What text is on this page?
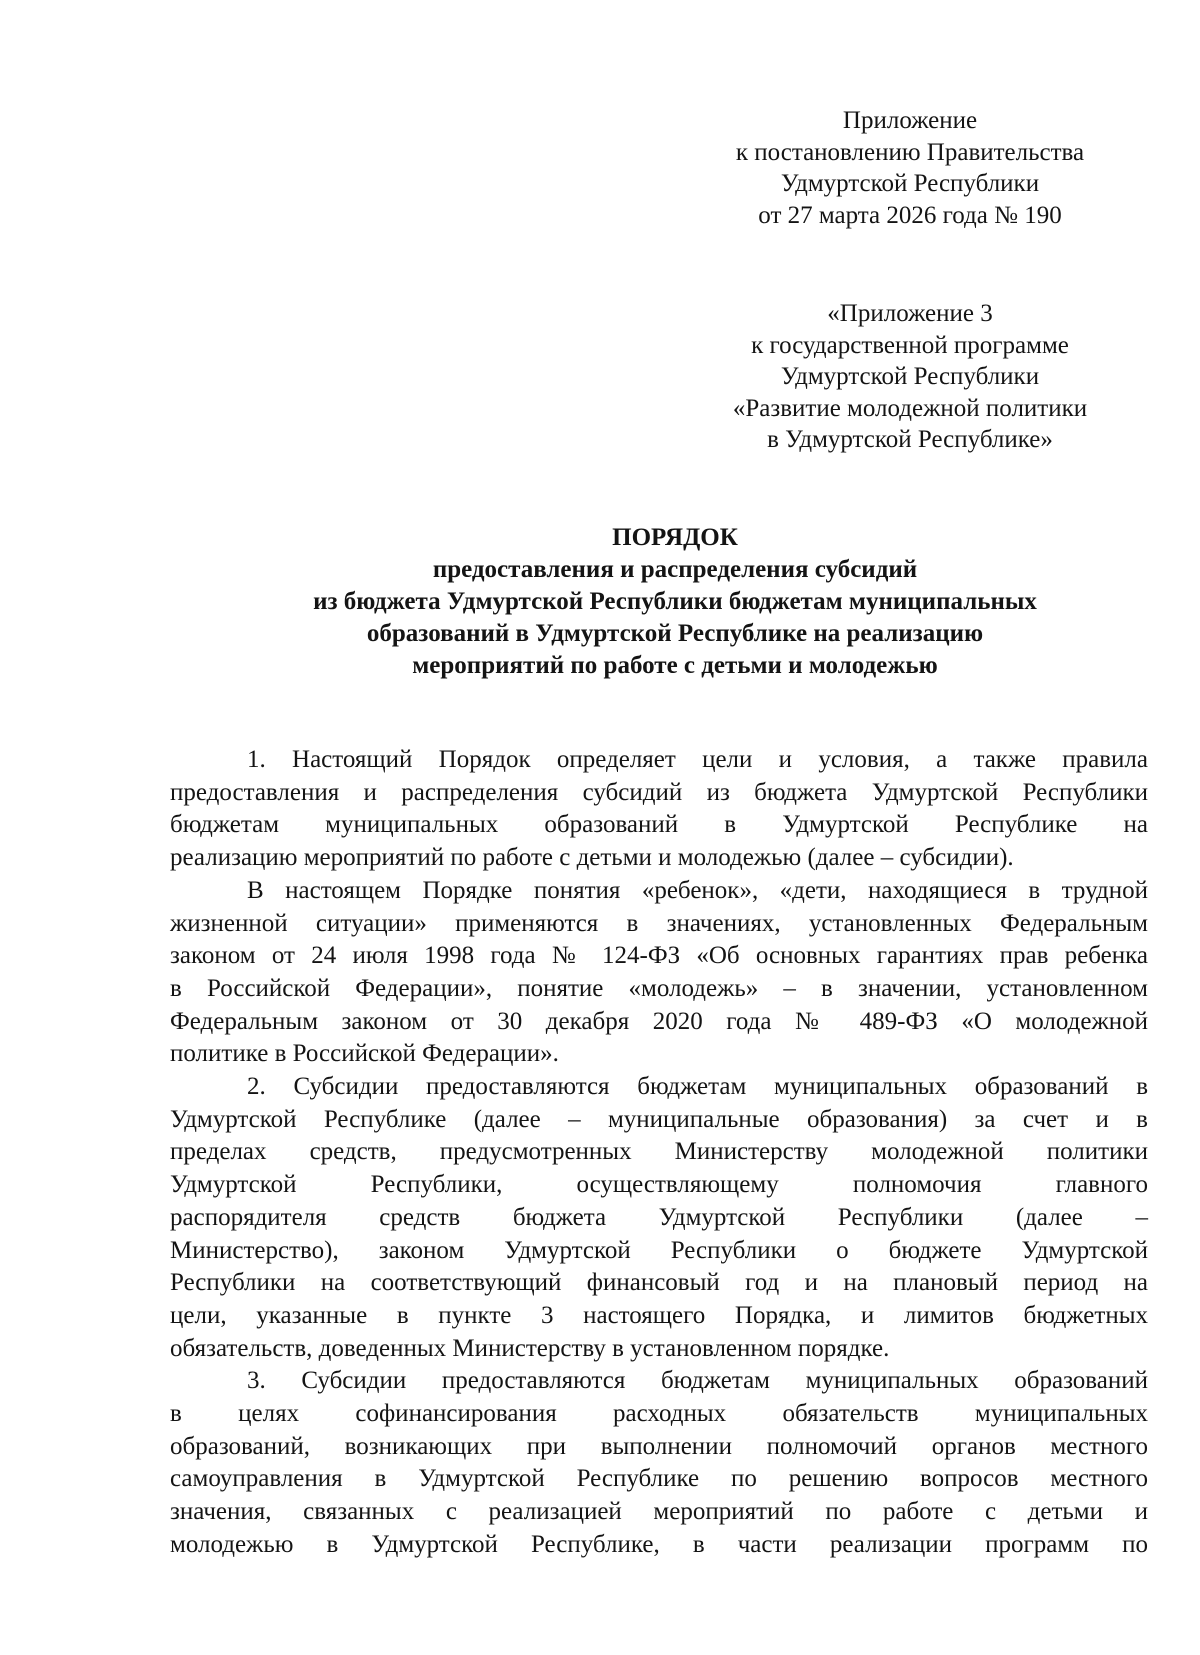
Приложение
к постановлению Правительства
Удмуртской Республики
от 27 марта 2026 года № 190
«Приложение 3
к государственной программе
Удмуртской Республики
«Развитие молодежной политики
в Удмуртской Республике»
ПОРЯДОК
предоставления и распределения субсидий
из бюджета Удмуртской Республики бюджетам муниципальных
образований в Удмуртской Республике на реализацию
мероприятий по работе с детьми и молодежью

1. Настоящий Порядок определяет цели и условия, а также правила
предоставления и распределения субсидий из бюджета Удмуртской Республики
бюджетам муниципальных образований в Удмуртской Республике на
реализацию мероприятий по работе с детьми и молодежью (далее – субсидии).

В настоящем Порядке понятия «ребенок», «дети, находящиеся в трудной
жизненной ситуации» применяются в значениях, установленных Федеральным
законом от 24 июля 1998 года № 124-ФЗ «Об основных гарантиях прав ребенка
в Российской Федерации», понятие «молодежь» – в значении, установленном
Федеральным законом от 30 декабря 2020 года № 489-ФЗ «О молодежной
политике в Российской Федерации».

2. Субсидии предоставляются бюджетам муниципальных образований в
Удмуртской Республике (далее – муниципальные образования) за счет и в
пределах средств, предусмотренных Министерству молодежной политики
Удмуртской Республики, осуществляющему полномочия главного
распорядителя средств бюджета Удмуртской Республики (далее –
Министерство), законом Удмуртской Республики о бюджете Удмуртской
Республики на соответствующий финансовый год и на плановый период на
цели, указанные в пункте 3 настоящего Порядка, и лимитов бюджетных
обязательств, доведенных Министерству в установленном порядке.

3. Субсидии предоставляются бюджетам муниципальных образований
в целях софинансирования расходных обязательств муниципальных
образований, возникающих при выполнении полномочий органов местного
самоуправления в Удмуртской Республике по решению вопросов местного
значения, связанных с реализацией мероприятий по работе с детьми и
молодежью в Удмуртской Республике, в части реализации программ по
